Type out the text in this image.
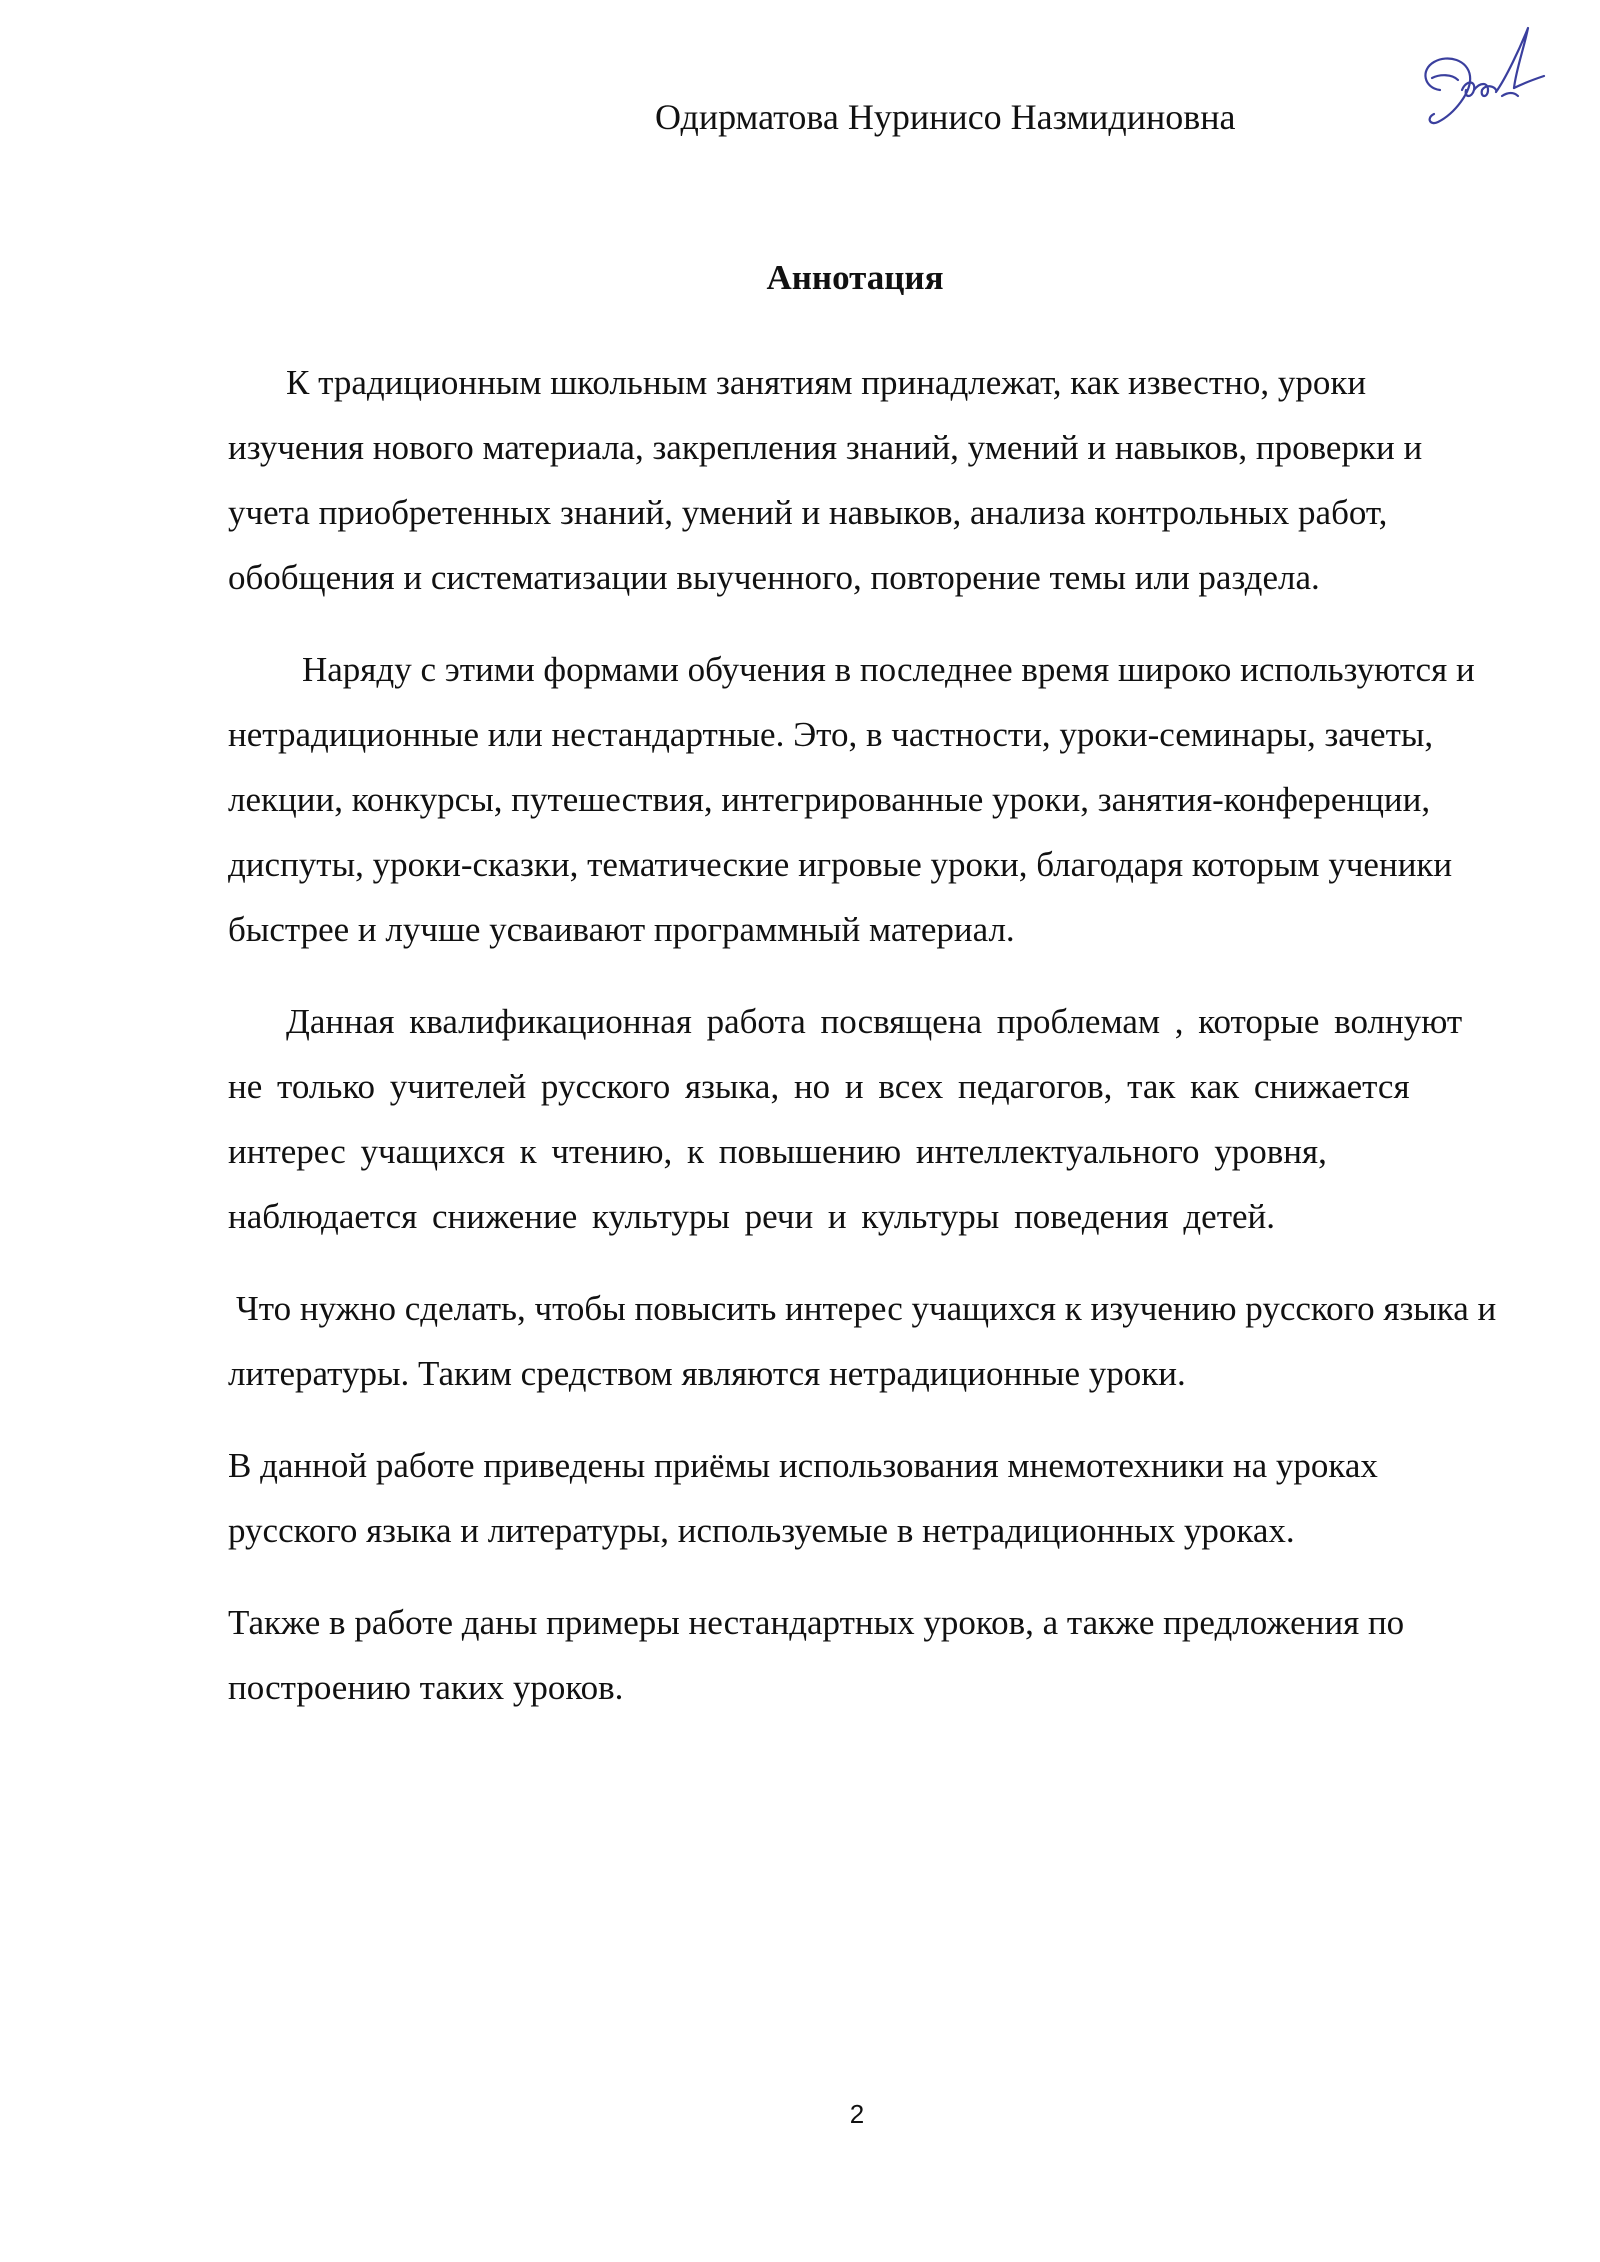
Одирматова Нуринисо Назмидиновна
Аннотация

К традиционным школьным занятиям принадлежат, как известно, уроки изучения нового материала, закрепления знаний, умений и навыков, проверки и учета приобретенных знаний, умений и навыков, анализа контрольных работ, обобщения и систематизации выученного, повторение темы или раздела.

Наряду с этими формами обучения в последнее время широко используются и нетрадиционные или нестандартные. Это, в частности, уроки-семинары, зачеты, лекции, конкурсы, путешествия, интегрированные уроки, занятия-конференции, диспуты, уроки-сказки, тематические игровые уроки, благодаря которым ученики быстрее и лучше усваивают программный материал.

Данная квалификационная работа посвящена проблемам , которые волнуют не только учителей русского языка, но и всех педагогов, так как снижается интерес учащихся к чтению, к повышению интеллектуального уровня, наблюдается снижение культуры речи и культуры поведения детей.

Что нужно сделать, чтобы повысить интерес учащихся к изучению русского языка и литературы. Таким средством являются нетрадиционные уроки.

В данной работе приведены приёмы использования мнемотехники на уроках русского языка и литературы, используемые в нетрадиционных уроках.

Также в работе даны примеры нестандартных уроков, а также предложения по построению таких уроков.

2
